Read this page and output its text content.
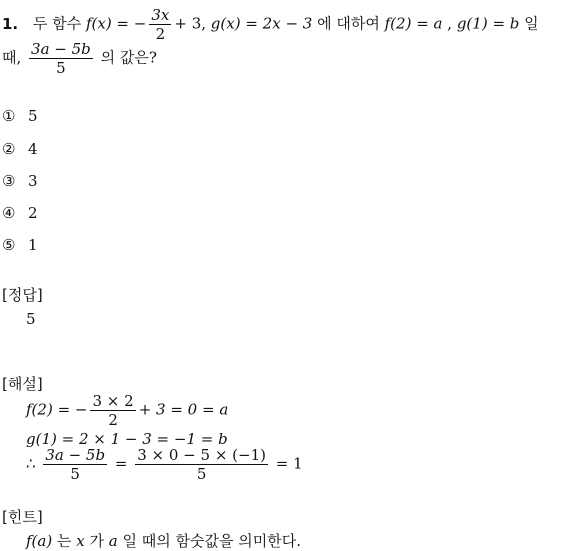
1. 두 함수 f(x) = − $\frac{3x}{2} + 3$, g(x) = 2x − 3 에 대하여 f(2) = a , g(1) = b 일
때, $\frac{3a - 5b}{5}$ 의 값은?
① 5
② 4
③ 3
④ 2
⑤ 1
[정답]
5
[해설]
f(2) = − $\frac{3 \times 2}{2} + 3 = 0 = a$
g(1) = 2 × 1 − 3 = −1 = b
∴ $\frac{3a - 5b}{5} = \frac{3 \times 0 - 5 \times (-1)}{5} = 1$
[힌트]
f(a) 는 x 가 a 일 때의 함숫값을 의미한다.
